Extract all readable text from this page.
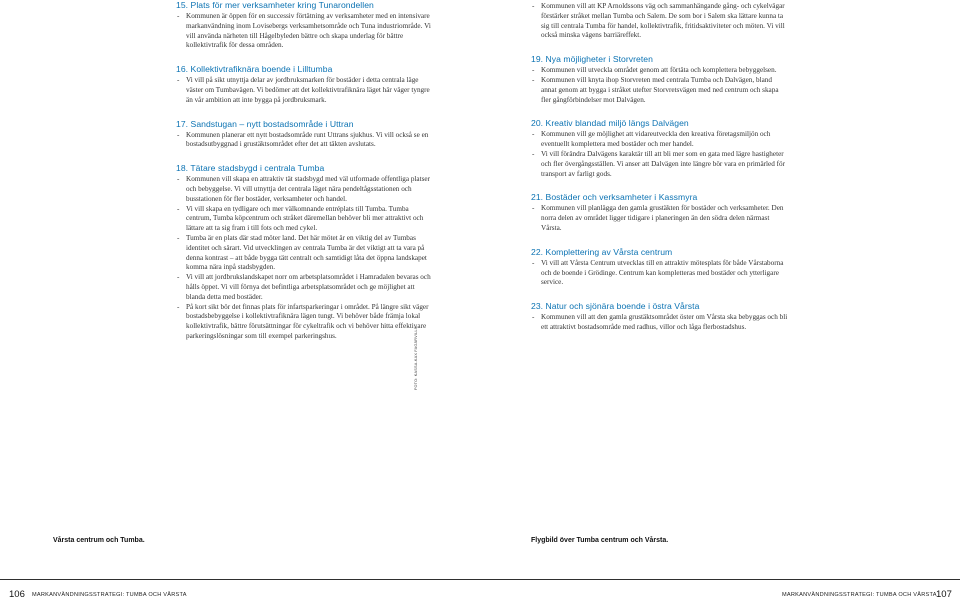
15. Plats för mer verksamheter kring Tunarondellen
- Kommunen är öppen för en successiv förtätning av verksamheter med en intensivare markanvändning inom Lovisebergs verksamhetsområde och Tuna industriområde. Vi vill använda närheten till Hågelbyleden bättre och skapa underlag för bättre kollektivtrafik för dessa områden.
16. Kollektivtrafiknära boende i Lilltumba
- Vi vill på sikt utnyttja delar av jordbruksmarken för bostäder i detta centrala läge väster om Tumbavägen. Vi bedömer att det kollektivtrafiknära läget här väger tyngre än vår ambition att inte bygga på jordbruksmark.
17. Sandstugan – nytt bostadsområde i Uttran
- Kommunen planerar ett nytt bostadsområde runt Uttrans sjukhus. Vi vill också se en bostadsutbyggnad i grustäktsområdet efter det att täkten avslutats.
18. Tätare stadsbygd i centrala Tumba
- Kommunen vill skapa en attraktiv tät stadsbygd med väl utformade offentliga platser och bebyggelse. Vi vill utnyttja det centrala läget nära pendeltågsstationen och busstationen för fler bostäder, verksamheter och handel.
- Vi vill skapa en tydligare och mer välkomnande entréplats till Tumba. Tumba centrum, Tumba köpcentrum och stråket däremellan behöver bli mer attraktivt och lättare att ta sig fram i till fots och med cykel.
- Tumba är en plats där stad möter land. Det här mötet är en viktig del av Tumbas identitet och särart. Vid utvecklingen av centrala Tumba är det viktigt att ta vara på denna kontrast – att både bygga tätt centralt och samtidigt låta det öppna landskapet komma nära inpå stadsbygden.
- Vi vill att jordbrukslandskapet norr om arbetsplatsområdet i Hamradalen bevaras och hålls öppet. Vi vill förnya det befintliga arbetsplatsområdet och ge möjlighet att blanda detta med bostäder.
- På kort sikt bör det finnas plats för infartsparkeringar i området. På längre sikt väger bostadsbebyggelse i kollektivtrafiknära lägen tungt. Vi behöver både främja lokal kollektivtrafik, bättre förutsättningar för cykeltrafik och vi behöver hitta effektivare parkeringslösningar som till exempel parkeringshus.
- Kommunen vill att KP Arnoldssons väg och sammanhängande gång- och cykelvägar förstärker stråket mellan Tumba och Salem. De som bor i Salem ska lättare kunna ta sig till centrala Tumba för handel, kollektivtrafik, fritidsaktiviteter och möten. Vi vill också minska vägens barriäreffekt.
19. Nya möjligheter i Storvreten
- Kommunen vill utveckla området genom att förtäta och komplettera bebyggelsen.
- Kommunen vill knyta ihop Storvreten med centrala Tumba och Dalvägen, bland annat genom att bygga i stråket utefter Storvretsvägen med ned centrum och skapa fler gångförbindelser mot Dalvägen.
20. Kreativ blandad miljö längs Dalvägen
- Kommunen vill ge möjlighet att vidareutveckla den kreativa företagsmiljön och eventuellt komplettera med bostäder och mer handel.
- Vi vill förändra Dalvägens karaktär till att bli mer som en gata med lägre hastigheter och fler övergångsställen. Vi anser att Dalvägen inte längre bör vara en primärled för transport av farligt gods.
21. Bostäder och verksamheter i Kassmyra
- Kommunen vill planlägga den gamla grustäkten för bostäder och verksamheter. Den norra delen av området ligger tidigare i planeringen än den södra delen närmast Vårsta.
22. Komplettering av Vårsta centrum
- Vi vill att Vårsta Centrum utvecklas till en attraktiv mötesplats för både Vårstaborna och de boende i Grödinge. Centrum kan kompletteras med bostäder och ytterligare service.
23. Natur och sjönära boende i östra Vårsta
- Kommunen vill att den gamla grustäktsområdet öster om Vårsta ska bebyggas och bli ett attraktivt bostadsområde med radhus, villor och låga flerbostadshus.
FOTO: KASSA-KAX FAGÄRVILLS
Vårsta centrum och Tumba.	Flygbild över Tumba centrum och Vårsta.
106 MARKANVÄNDNINGSSTRATEGI: TUMBA OCH VÅRSTA	MARKANVÄNDNINGSSTRATEGI: TUMBA OCH VÅRSTA 107
